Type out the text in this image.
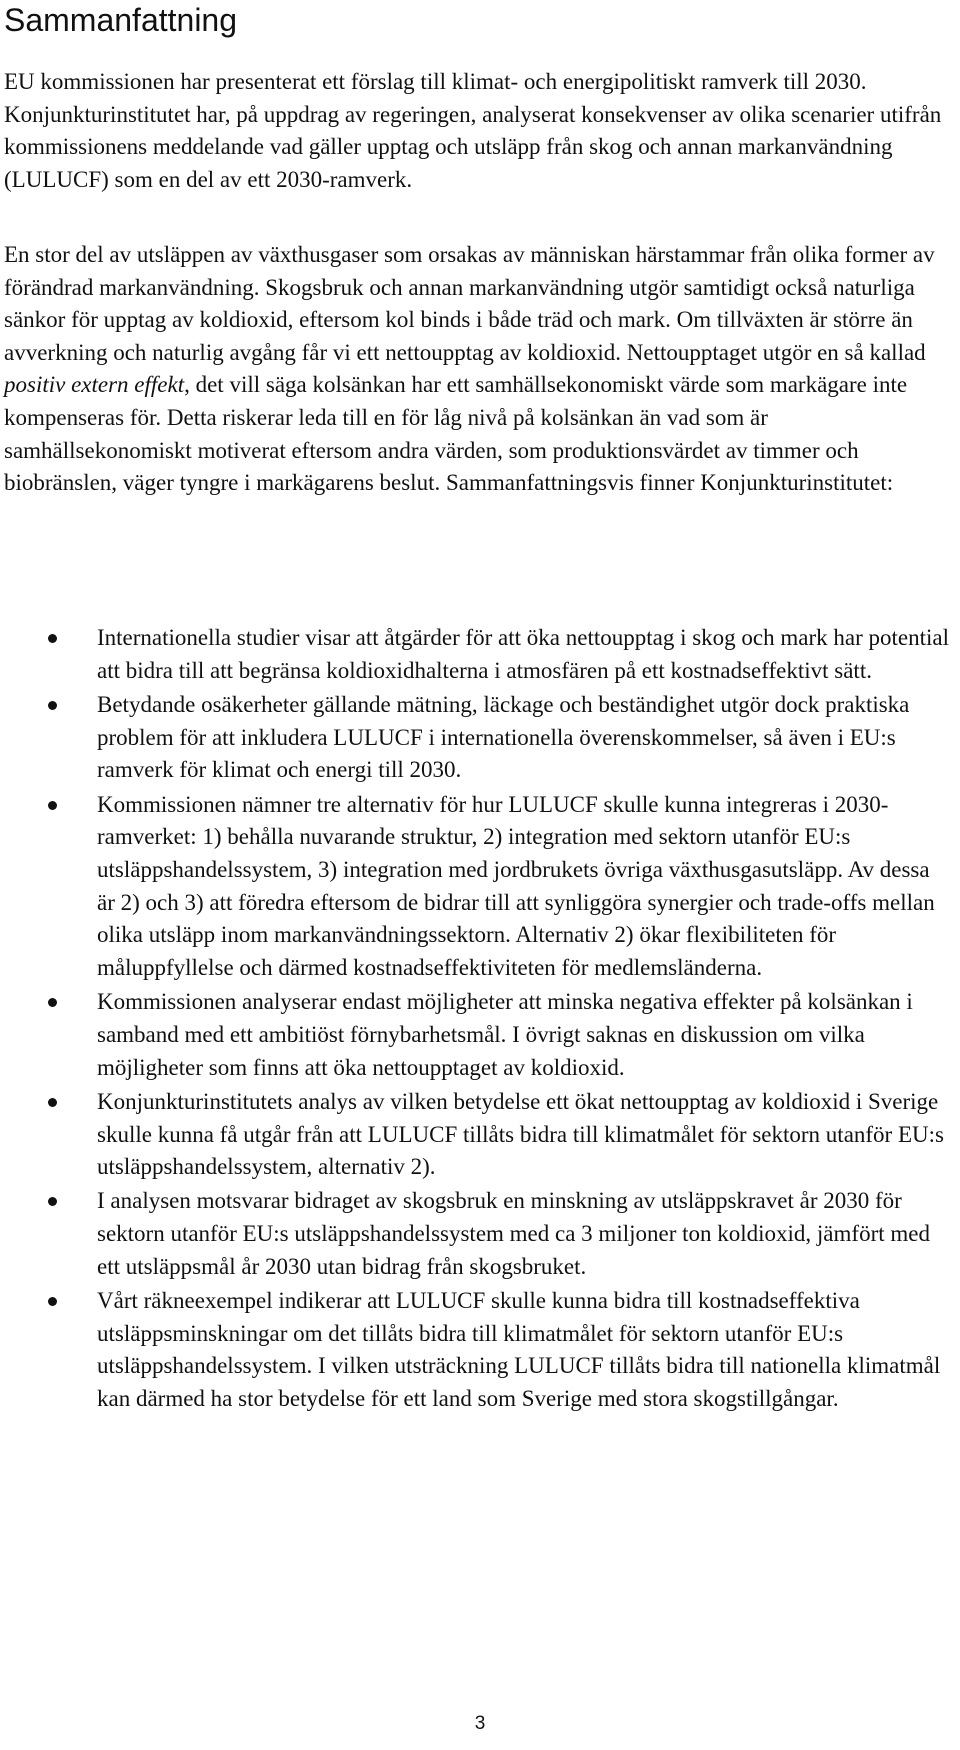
Sammanfattning

EU kommissionen har presenterat ett förslag till klimat- och energipolitiskt ramverk till 2030. Konjunkturinstitutet har, på uppdrag av regeringen, analyserat konsekvenser av olika scenarier utifrån kommissionens meddelande vad gäller upptag och utsläpp från skog och annan markanvändning (LULUCF) som en del av ett 2030-ramverk.

En stor del av utsläppen av växthusgaser som orsakas av människan härstammar från olika former av förändrad markanvändning. Skogsbruk och annan markanvändning utgör samtidigt också naturliga sänkor för upptag av koldioxid, eftersom kol binds i både träd och mark. Om tillväxten är större än avverkning och naturlig avgång får vi ett nettoupptag av koldioxid. Nettoupptaget utgör en så kallad positiv extern effekt, det vill säga kolsänkan har ett samhällsekonomiskt värde som markägare inte kompenseras för. Detta riskerar leda till en för låg nivå på kolsänkan än vad som är samhällsekonomiskt motiverat eftersom andra värden, som produktionsvärdet av timmer och biobränslen, väger tyngre i markägarens beslut. Sammanfattningsvis finner Konjunkturinstitutet:

Internationella studier visar att åtgärder för att öka nettoupptag i skog och mark har potential att bidra till att begränsa koldioxidhalterna i atmosfären på ett kostnadseffektivt sätt.
Betydande osäkerheter gällande mätning, läckage och beständighet utgör dock praktiska problem för att inkludera LULUCF i internationella överenskommelser, så även i EU:s ramverk för klimat och energi till 2030.
Kommissionen nämner tre alternativ för hur LULUCF skulle kunna integreras i 2030-ramverket: 1) behålla nuvarande struktur, 2) integration med sektorn utanför EU:s utsläppshandelssystem, 3) integration med jordbrukets övriga växthusgasutsläpp. Av dessa är 2) och 3) att föredra eftersom de bidrar till att synliggöra synergier och trade-offs mellan olika utsläpp inom markanvändningssektorn. Alternativ 2) ökar flexibiliteten för måluppfyllelse och därmed kostnadseffektiviteten för medlemsländerna.
Kommissionen analyserar endast möjligheter att minska negativa effekter på kolsänkan i samband med ett ambitiöst förnybarhetsmål. I övrigt saknas en diskussion om vilka möjligheter som finns att öka nettoupptaget av koldioxid.
Konjunkturinstitutets analys av vilken betydelse ett ökat nettoupptag av koldioxid i Sverige skulle kunna få utgår från att LULUCF tillåts bidra till klimatmålet för sektorn utanför EU:s utsläppshandelssystem, alternativ 2).
I analysen motsvarar bidraget av skogsbruk en minskning av utsläppskravet år 2030 för sektorn utanför EU:s utsläppshandelssystem med ca 3 miljoner ton koldioxid, jämfört med ett utsläppsmål år 2030 utan bidrag från skogsbruket.
Vårt räkneexempel indikerar att LULUCF skulle kunna bidra till kostnadseffektiva utsläppsminskningar om det tillåts bidra till klimatmålet för sektorn utanför EU:s utsläppshandelssystem. I vilken utsträckning LULUCF tillåts bidra till nationella klimatmål kan därmed ha stor betydelse för ett land som Sverige med stora skogstillgångar.
3
